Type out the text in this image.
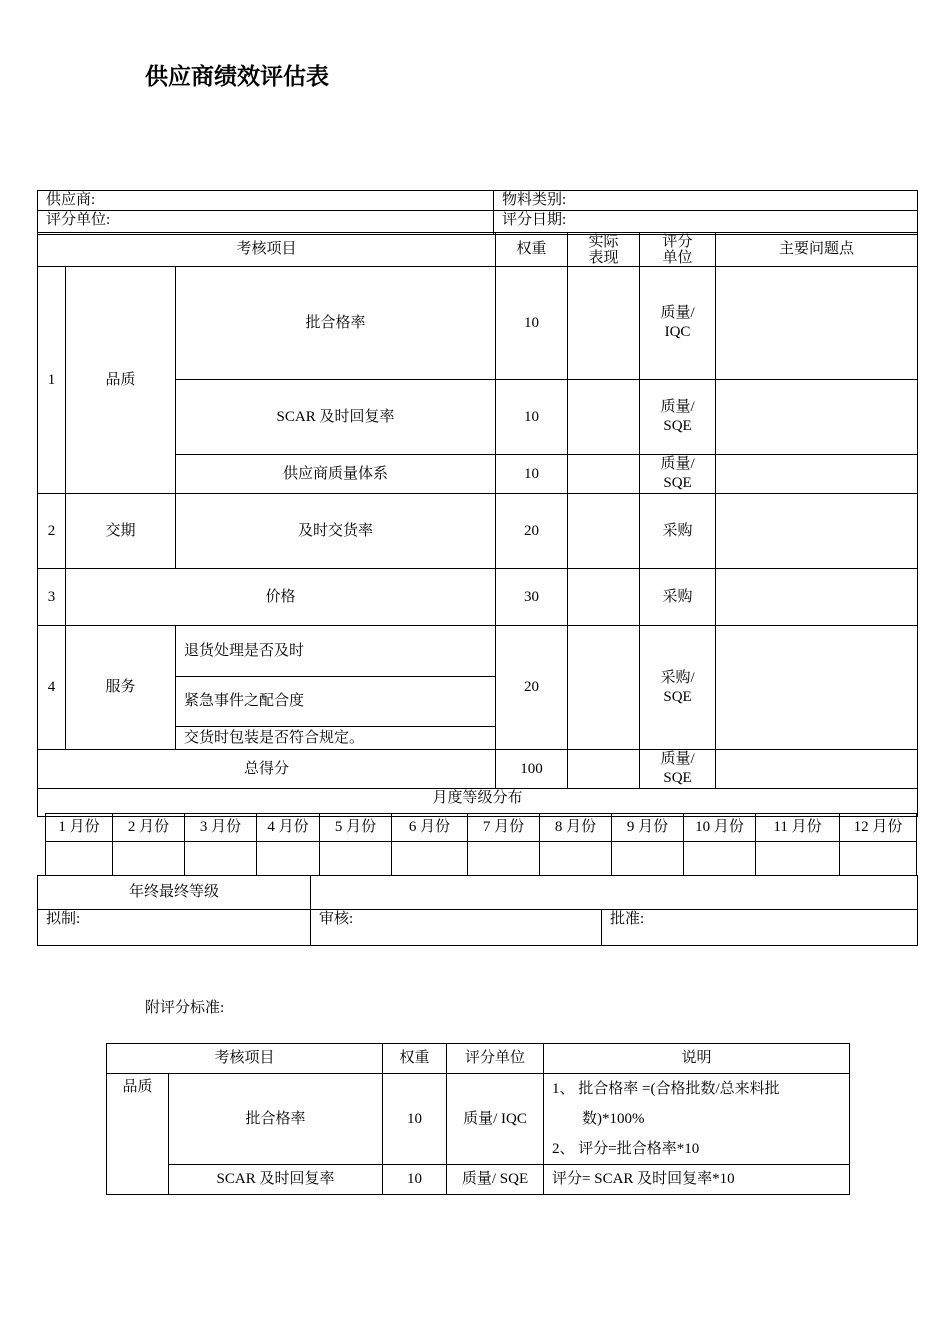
供应商绩效评估表
供应商:	物料类别:
评分单位:	评分日期:
考核项目			权重	实际表现	评分单位	主要问题点
1	品质	批合格率	10		质量/ IQC	
		SCAR 及时回复率	10		质量/ SQE	
		供应商质量体系	10		质量/ SQE	
2	交期	及时交货率	20		采购	
3	价格		30		采购	
4	服务	退货处理是否及时	20		采购/ SQE	
		紧急事件之配合度				
		交货时包装是否符合规定。				
总得分			100		质量/ SQE	
月度等级分布						
1 月份	2 月份	3 月份	4 月份	5 月份	6 月份	7 月份	8 月份	9 月份	10 月份	11 月份	12 月份

年终最终等级		
拟制:	审核:	批准:
附评分标准:
考核项目		权重	评分单位	说明
品质	批合格率	10	质量/ IQC	1、 批合格率 =(合格批数/总来料批
数)*100%
2、 评分=批合格率*10

	SCAR 及时回复率	10	质量/ SQE	评分= SCAR 及时回复率*10
